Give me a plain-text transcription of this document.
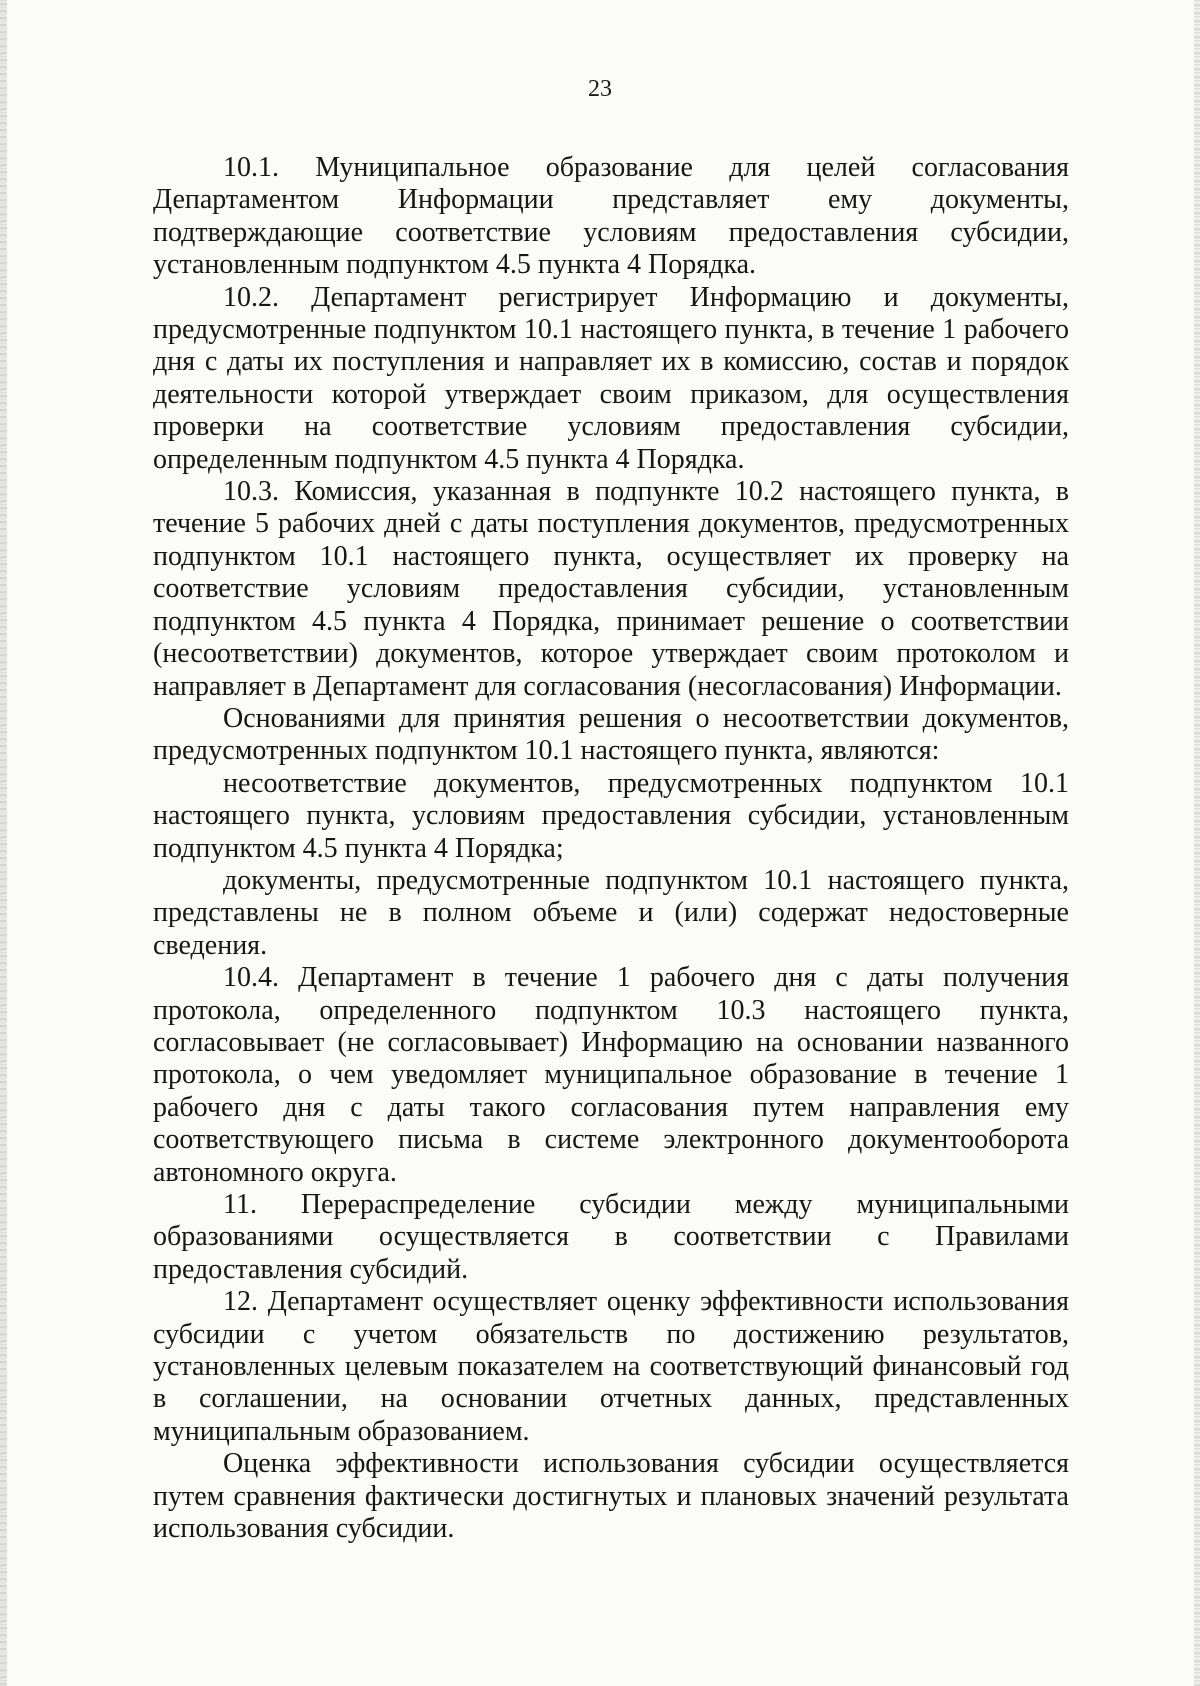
23

10.1. Муниципальное образование для целей согласования Департаментом Информации представляет ему документы, подтверждающие соответствие условиям предоставления субсидии, установленным подпунктом 4.5 пункта 4 Порядка.

10.2. Департамент регистрирует Информацию и документы, предусмотренные подпунктом 10.1 настоящего пункта, в течение 1 рабочего дня с даты их поступления и направляет их в комиссию, состав и порядок деятельности которой утверждает своим приказом, для осуществления проверки на соответствие условиям предоставления субсидии, определенным подпунктом 4.5 пункта 4 Порядка.

10.3. Комиссия, указанная в подпункте 10.2 настоящего пункта, в течение 5 рабочих дней с даты поступления документов, предусмотренных подпунктом 10.1 настоящего пункта, осуществляет их проверку на соответствие условиям предоставления субсидии, установленным подпунктом 4.5 пункта 4 Порядка, принимает решение о соответствии (несоответствии) документов, которое утверждает своим протоколом и направляет в Департамент для согласования (несогласования) Информации.

Основаниями для принятия решения о несоответствии документов, предусмотренных подпунктом 10.1 настоящего пункта, являются:

несоответствие документов, предусмотренных подпунктом 10.1 настоящего пункта, условиям предоставления субсидии, установленным подпунктом 4.5 пункта 4 Порядка;

документы, предусмотренные подпунктом 10.1 настоящего пункта, представлены не в полном объеме и (или) содержат недостоверные сведения.

10.4. Департамент в течение 1 рабочего дня с даты получения протокола, определенного подпунктом 10.3 настоящего пункта, согласовывает (не согласовывает) Информацию на основании названного протокола, о чем уведомляет муниципальное образование в течение 1 рабочего дня с даты такого согласования путем направления ему соответствующего письма в системе электронного документооборота автономного округа.

11. Перераспределение субсидии между муниципальными образованиями осуществляется в соответствии с Правилами предоставления субсидий.

12. Департамент осуществляет оценку эффективности использования субсидии с учетом обязательств по достижению результатов, установленных целевым показателем на соответствующий финансовый год в соглашении, на основании отчетных данных, представленных муниципальным образованием.

Оценка эффективности использования субсидии осуществляется путем сравнения фактически достигнутых и плановых значений результата использования субсидии.
